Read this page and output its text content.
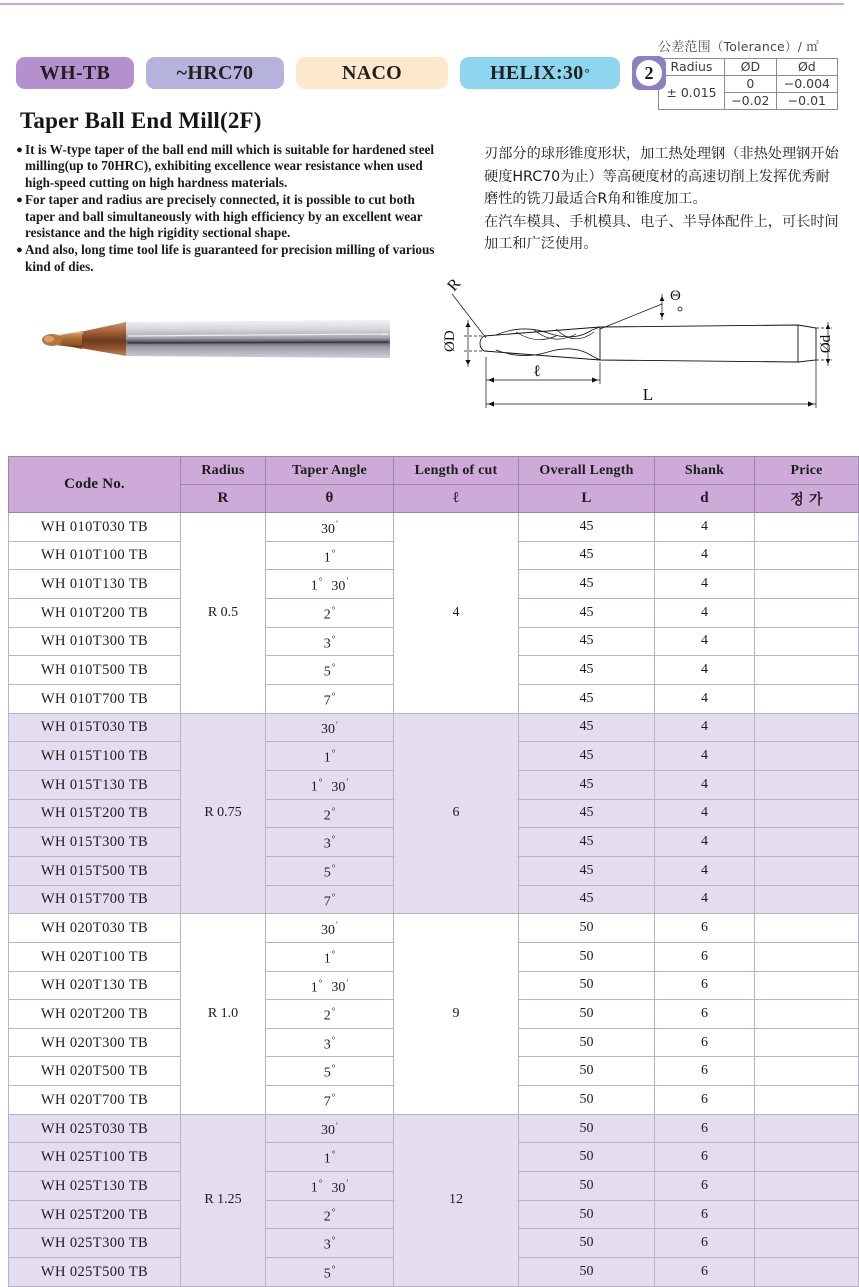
公差范围（Tolerance）/ ㎡
Radius	ØD	Ød
± 0.015	0	−0.004
	−0.02	−0.01
WH-TB	~HRC70	NACO	HELIX:30 °	2
Taper Ball End Mill(2F)
● It is W-type taper of the ball end mill which is suitable for hardened steel milling(up to 70HRC), exhibiting excellence wear resistance when used high-speed cutting on high hardness materials.
● For taper and radius are precisely connected, it is possible to cut both taper and ball simultaneously with high efficiency by an excellent wear resistance and the high rigidity sectional shape.
● And also, long time tool life is guaranteed for precision milling of various kind of dies.
刃部分的球形锥度形状，加工热处理钢（非热处理钢开始硬度HRC70为止）等高硬度材的高速切削上发挥优秀耐磨性的铣刀最适合R角和锥度加工。
在汽车模具、手机模具、电子、半导体配件上，可长时间加工和广泛使用。
R
ØD
Θ
ℓ
L
Ød
Code No.	Radius	Taper Angle	Length of cut	Overall Length	Shank	Price
	R	θ	ℓ	L	d	정 가
WH 010T030 TB	R 0.5	30′	4	45	4	
WH 010T100 TB		1°		45	4	
WH 010T130 TB		1° 30′		45	4	
WH 010T200 TB		2°		45	4	
WH 010T300 TB		3°		45	4	
WH 010T500 TB		5°		45	4	
WH 010T700 TB		7°		45	4	
WH 015T030 TB	R 0.75	30′	6	45	4	
WH 015T100 TB		1°		45	4	
WH 015T130 TB		1° 30′		45	4	
WH 015T200 TB		2°		45	4	
WH 015T300 TB		3°		45	4	
WH 015T500 TB		5°		45	4	
WH 015T700 TB		7°		45	4	
WH 020T030 TB	R 1.0	30′	9	50	6	
WH 020T100 TB		1°		50	6	
WH 020T130 TB		1° 30′		50	6	
WH 020T200 TB		2°		50	6	
WH 020T300 TB		3°		50	6	
WH 020T500 TB		5°		50	6	
WH 020T700 TB		7°		50	6	
WH 025T030 TB	R 1.25	30′	12	50	6	
WH 025T100 TB		1°		50	6	
WH 025T130 TB		1° 30′		50	6	
WH 025T200 TB		2°		50	6	
WH 025T300 TB		3°		50	6	
WH 025T500 TB		5°		50	6	
